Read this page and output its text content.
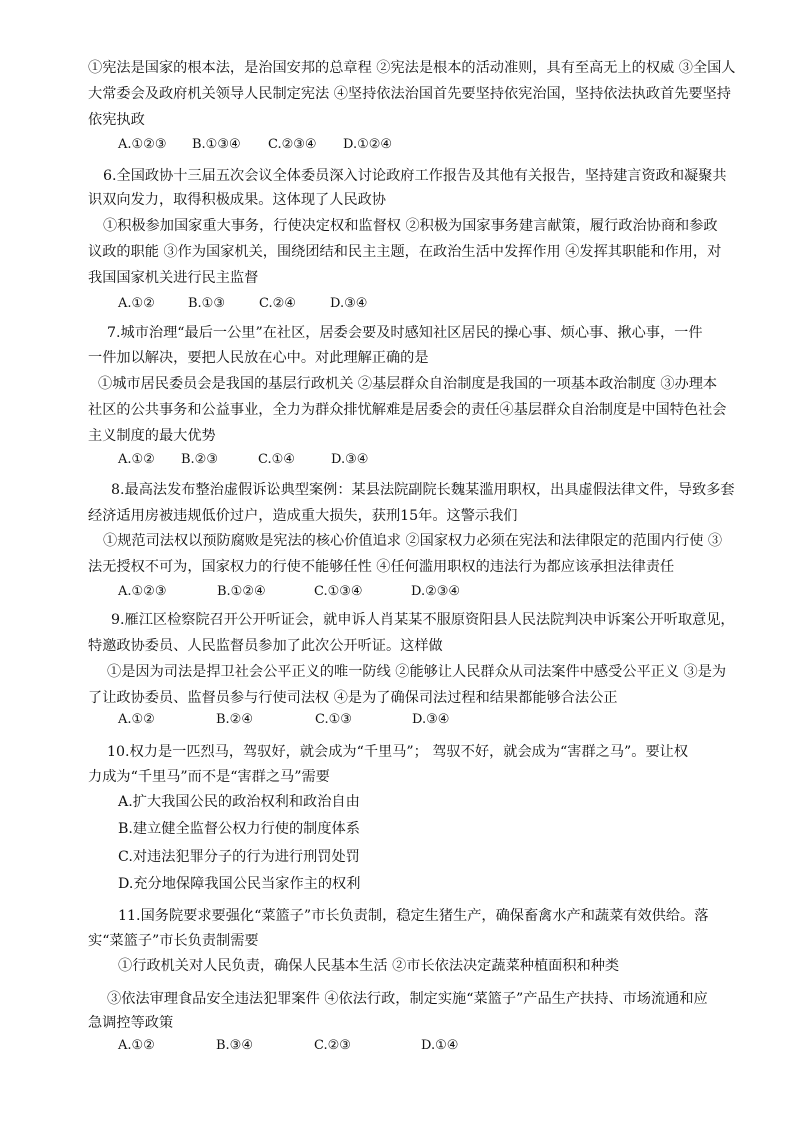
①宪法是国家的根本法，是治国安邦的总章程 ②宪法是根本的活动准则，具有至高无上的权威 ③全国人
大常委会及政府机关领导人民制定宪法 ④坚持依法治国首先要坚持依宪治国，坚持依法执政首先要坚持
依宪执政
A.①②③ B.①③④ C.②③④ D.①②④
6.全国政协十三届五次会议全体委员深入讨论政府工作报告及其他有关报告，坚持建言资政和凝聚共
识双向发力，取得积极成果。这体现了人民政协
①积极参加国家重大事务，行使决定权和监督权 ②积极为国家事务建言献策，履行政治协商和参政
议政的职能 ③作为国家机关，围绕团结和民主主题，在政治生活中发挥作用 ④发挥其职能和作用，对
我国国家机关进行民主监督
A.①②	B.①③	C.②④	D.③④
7.城市治理“最后一公里”在社区，居委会要及时感知社区居民的操心事、烦心事、揪心事，一件
一件加以解决，要把人民放在心中。对此理解正确的是
①城市居民委员会是我国的基层行政机关 ②基层群众自治制度是我国的一项基本政治制度 ③办理本
社区的公共事务和公益事业，全力为群众排忧解难是居委会的责任④基层群众自治制度是中国特色社会
主义制度的最大优势
A.①② B.②③	C.①④	D.③④
8.最高法发布整治虚假诉讼典型案例：某县法院副院长魏某滥用职权，出具虚假法律文件，导致多套
经济适用房被违规低价过户，造成重大损失，获刑15年。这警示我们
①规范司法权以预防腐败是宪法的核心价值追求 ②国家权力必须在宪法和法律限定的范围内行使 ③
法无授权不可为，国家权力的行使不能够任性 ④任何滥用职权的违法行为都应该承担法律责任
A.①②③	B.①②④	C.①③④	D.②③④
9.雁江区检察院召开公开听证会，就申诉人肖某某不服原资阳县人民法院判决申诉案公开听取意见，
特邀政协委员、人民监督员参加了此次公开听证。这样做
①是因为司法是捍卫社会公平正义的唯一防线 ②能够让人民群众从司法案件中感受公平正义 ③是为
了让政协委员、监督员参与行使司法权 ④是为了确保司法过程和结果都能够合法公正
A.①②	B.②④	C.①③	D.③④
10.权力是一匹烈马，驾驭好，就会成为“千里马”； 驾驭不好，就会成为“害群之马”。要让权
力成为“千里马”而不是“害群之马”需要
A.扩大我国公民的政治权利和政治自由
B.建立健全监督公权力行使的制度体系
C.对违法犯罪分子的行为进行刑罚处罚
D.充分地保障我国公民当家作主的权利
11.国务院要求要强化“菜篮子”市长负责制，稳定生猪生产，确保畜禽水产和蔬菜有效供给。落
实“菜篮子”市长负责制需要
①行政机关对人民负责，确保人民基本生活 ②市长依法决定蔬菜种植面积和种类
③依法审理食品安全违法犯罪案件 ④依法行政，制定实施“菜篮子”产品生产扶持、市场流通和应
急调控等政策
A.①②	B.③④	C.②③	D.①④
